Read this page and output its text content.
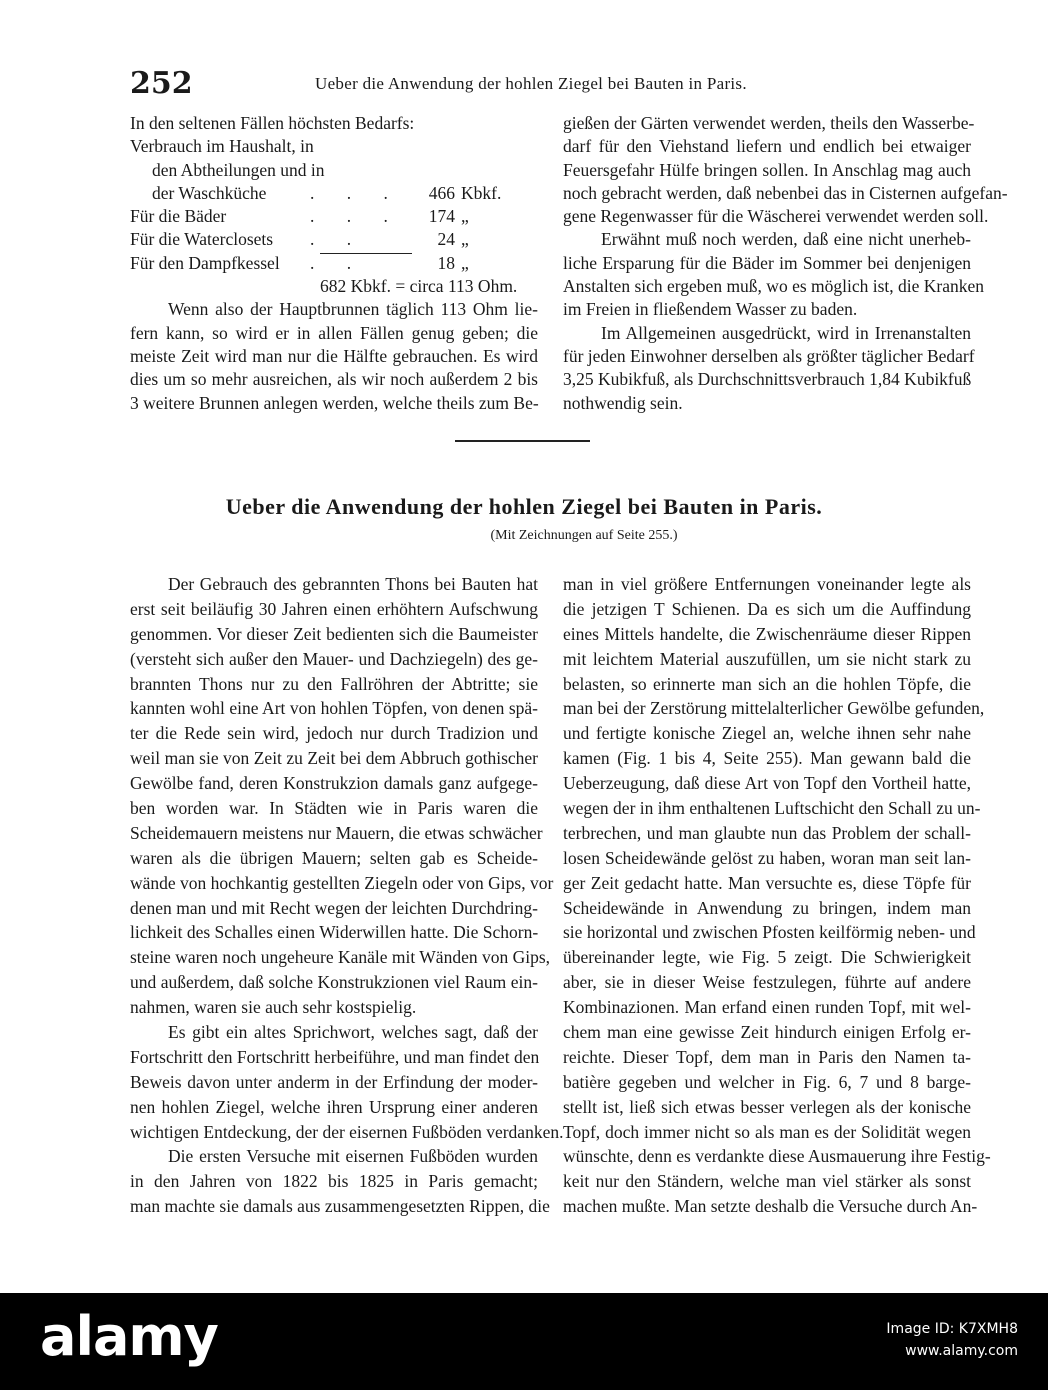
252	Ueber die Anwendung der hohlen Ziegel bei Bauten in Paris.
In den seltenen Fällen höchsten Bedarfs:
Verbrauch im Haushalt, in
den Abtheilungen und in
der Waschküche	. . .	466 Kbkf.
Für die Bäder	. . .	174 „
Für die Waterclosets	. .	24 „
Für den Dampfkessel	. .	18 „
682 Kbkf. = circa 113 Ohm.
Wenn also der Hauptbrunnen täglich 113 Ohm lie-
fern kann, so wird er in allen Fällen genug geben; die
meiste Zeit wird man nur die Hälfte gebrauchen. Es wird
dies um so mehr ausreichen, als wir noch außerdem 2 bis
3 weitere Brunnen anlegen werden, welche theils zum Be-
gießen der Gärten verwendet werden, theils den Wasserbe-
darf für den Viehstand liefern und endlich bei etwaiger
Feuersgefahr Hülfe bringen sollen. In Anschlag mag auch
noch gebracht werden, daß nebenbei das in Cisternen aufgefan-
gene Regenwasser für die Wäscherei verwendet werden soll.
Erwähnt muß noch werden, daß eine nicht unerheb-
liche Ersparung für die Bäder im Sommer bei denjenigen
Anstalten sich ergeben muß, wo es möglich ist, die Kranken
im Freien in fließendem Wasser zu baden.
Im Allgemeinen ausgedrückt, wird in Irrenanstalten
für jeden Einwohner derselben als größter täglicher Bedarf
3,25 Kubikfuß, als Durchschnittsverbrauch 1,84 Kubikfuß
nothwendig sein.
Ueber die Anwendung der hohlen Ziegel bei Bauten in Paris.
(Mit Zeichnungen auf Seite 255.)
Der Gebrauch des gebrannten Thons bei Bauten hat
erst seit beiläufig 30 Jahren einen erhöhtern Aufschwung
genommen. Vor dieser Zeit bedienten sich die Baumeister
(versteht sich außer den Mauer- und Dachziegeln) des ge-
brannten Thons nur zu den Fallröhren der Abtritte; sie
kannten wohl eine Art von hohlen Töpfen, von denen spä-
ter die Rede sein wird, jedoch nur durch Tradizion und
weil man sie von Zeit zu Zeit bei dem Abbruch gothischer
Gewölbe fand, deren Konstrukzion damals ganz aufgege-
ben worden war. In Städten wie in Paris waren die
Scheidemauern meistens nur Mauern, die etwas schwächer
waren als die übrigen Mauern; selten gab es Scheide-
wände von hochkantig gestellten Ziegeln oder von Gips, vor
denen man und mit Recht wegen der leichten Durchdring-
lichkeit des Schalles einen Widerwillen hatte. Die Schorn-
steine waren noch ungeheure Kanäle mit Wänden von Gips,
und außerdem, daß solche Konstrukzionen viel Raum ein-
nahmen, waren sie auch sehr kostspielig.
Es gibt ein altes Sprichwort, welches sagt, daß der
Fortschritt den Fortschritt herbeiführe, und man findet den
Beweis davon unter anderm in der Erfindung der moder-
nen hohlen Ziegel, welche ihren Ursprung einer anderen
wichtigen Entdeckung, der der eisernen Fußböden verdanken.
Die ersten Versuche mit eisernen Fußböden wurden
in den Jahren von 1822 bis 1825 in Paris gemacht;
man machte sie damals aus zusammengesetzten Rippen, die
man in viel größere Entfernungen voneinander legte als
die jetzigen T Schienen. Da es sich um die Auffindung
eines Mittels handelte, die Zwischenräume dieser Rippen
mit leichtem Material auszufüllen, um sie nicht stark zu
belasten, so erinnerte man sich an die hohlen Töpfe, die
man bei der Zerstörung mittelalterlicher Gewölbe gefunden,
und fertigte konische Ziegel an, welche ihnen sehr nahe
kamen (Fig. 1 bis 4, Seite 255). Man gewann bald die
Ueberzeugung, daß diese Art von Topf den Vortheil hatte,
wegen der in ihm enthaltenen Luftschicht den Schall zu un-
terbrechen, und man glaubte nun das Problem der schall-
losen Scheidewände gelöst zu haben, woran man seit lan-
ger Zeit gedacht hatte. Man versuchte es, diese Töpfe für
Scheidewände in Anwendung zu bringen, indem man
sie horizontal und zwischen Pfosten keilförmig neben- und
übereinander legte, wie Fig. 5 zeigt. Die Schwierigkeit
aber, sie in dieser Weise festzulegen, führte auf andere
Kombinazionen. Man erfand einen runden Topf, mit wel-
chem man eine gewisse Zeit hindurch einigen Erfolg er-
reichte. Dieser Topf, dem man in Paris den Namen ta-
batière gegeben und welcher in Fig. 6, 7 und 8 barge-
stellt ist, ließ sich etwas besser verlegen als der konische
Topf, doch immer nicht so als man es der Solidität wegen
wünschte, denn es verdankte diese Ausmauerung ihre Festig-
keit nur den Ständern, welche man viel stärker als sonst
machen mußte. Man setzte deshalb die Versuche durch An-
alamy	Image ID: K7XMH8
www.alamy.com
